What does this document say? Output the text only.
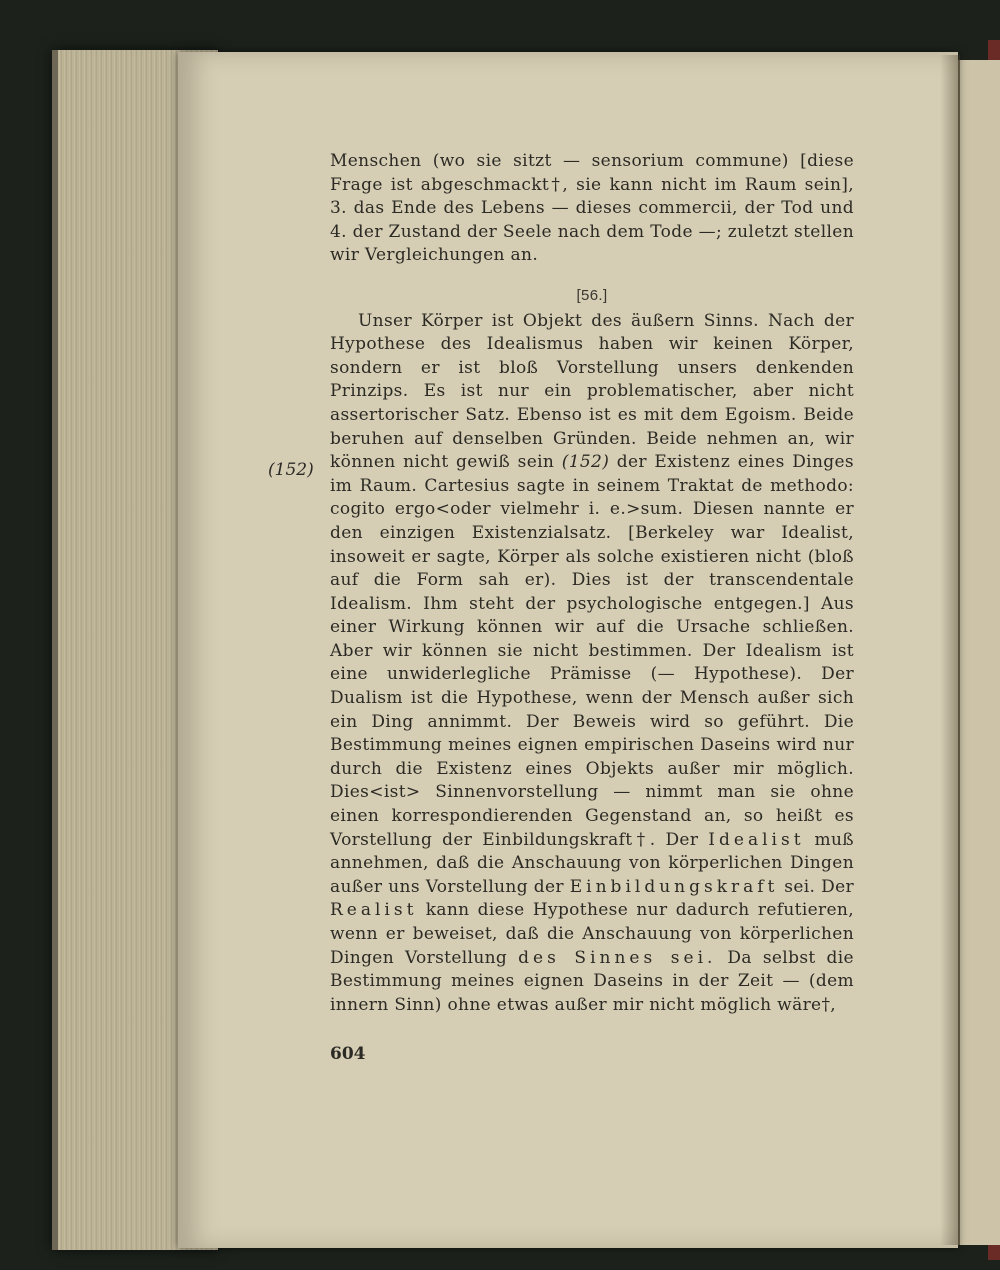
(152)

Menschen (wo sie sitzt — sensorium commune) [diese Frage ist abgeschmackt†, sie kann nicht im Raum sein], 3. das Ende des Lebens — dieses commercii, der Tod und 4. der Zustand der Seele nach dem Tode —; zuletzt stellen wir Vergleichungen an.

[56.]

Unser Körper ist Objekt des äußern Sinns. Nach der Hypothese des Idealismus haben wir keinen Körper, sondern er ist bloß Vorstellung unsers denkenden Prinzips. Es ist nur ein problematischer, aber nicht assertorischer Satz. Ebenso ist es mit dem Egoism. Beide beruhen auf denselben Gründen. Beide nehmen an, wir können nicht gewiß sein (152) der Existenz eines Dinges im Raum. Cartesius sagte in seinem Traktat de methodo: cogito ergo<oder vielmehr i. e.>sum. Diesen nannte er den einzigen Existenzialsatz. [Berkeley war Idealist, insoweit er sagte, Körper als solche existieren nicht (bloß auf die Form sah er). Dies ist der transcendentale Idealism. Ihm steht der psychologische entgegen.] Aus einer Wirkung können wir auf die Ursache schließen. Aber wir können sie nicht bestimmen. Der Idealism ist eine unwiderlegliche Prämisse (— Hypothese). Der Dualism ist die Hypothese, wenn der Mensch außer sich ein Ding annimmt. Der Beweis wird so geführt. Die Bestimmung meines eignen empirischen Daseins wird nur durch die Existenz eines Objekts außer mir möglich. Dies<ist> Sinnenvorstellung — nimmt man sie ohne einen korrespondierenden Gegenstand an, so heißt es Vorstellung der Einbildungskraft†. Der Idealist muß annehmen, daß die Anschauung von körperlichen Dingen außer uns Vorstellung der Einbildungskraft sei. Der Realist kann diese Hypothese nur dadurch refutieren, wenn er beweiset, daß die Anschauung von körperlichen Dingen Vorstellung des Sinnes sei. Da selbst die Bestimmung meines eignen Daseins in der Zeit — (dem innern Sinn) ohne etwas außer mir nicht möglich wäre†,

604
